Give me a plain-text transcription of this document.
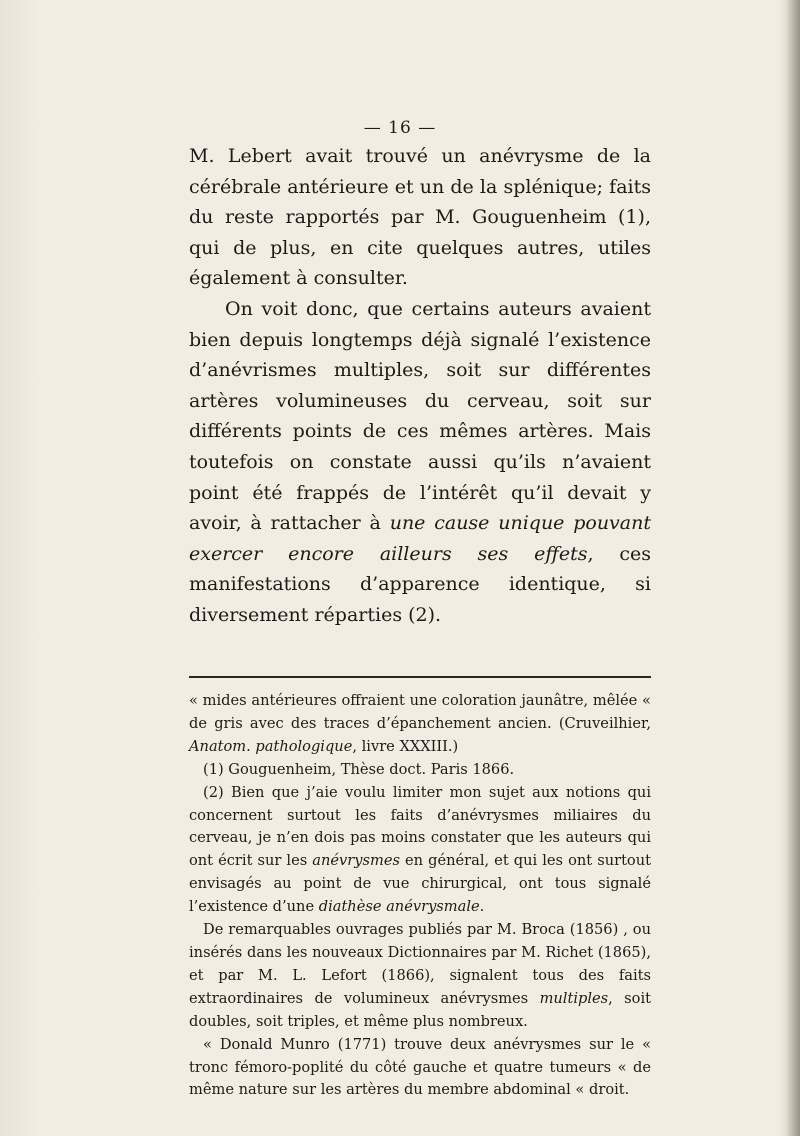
— 16 —

M. Lebert avait trouvé un anévrysme de la cérébrale antérieure et un de la splénique; faits du reste rapportés par M. Gouguenheim (1), qui de plus, en cite quelques autres, utiles également à consulter.

On voit donc, que certains auteurs avaient bien depuis longtemps déjà signalé l’existence d’anévrismes multiples, soit sur différentes artères volumineuses du cerveau, soit sur différents points de ces mêmes artères. Mais toutefois on constate aussi qu’ils n’avaient point été frappés de l’intérêt qu’il devait y avoir, à rattacher à une cause unique pouvant exercer encore ailleurs ses effets, ces manifestations d’apparence identique, si diversement réparties (2).

« mides antérieures offraient une coloration jaunâtre, mêlée « de gris avec des traces d’épanchement ancien. (Cruveilhier, Anatom. pathologique, livre XXXIII.)

(1) Gouguenheim, Thèse doct. Paris 1866.

(2) Bien que j’aie voulu limiter mon sujet aux notions qui concernent surtout les faits d’anévrysmes miliaires du cerveau, je n’en dois pas moins constater que les auteurs qui ont écrit sur les anévrysmes en général, et qui les ont surtout envisagés au point de vue chirurgical, ont tous signalé l’existence d’une diathèse anévrysmale.

De remarquables ouvrages publiés par M. Broca (1856) , ou insérés dans les nouveaux Dictionnaires par M. Richet (1865), et par M. L. Lefort (1866), signalent tous des faits extraordinaires de volumineux anévrysmes multiples, soit doubles, soit triples, et même plus nombreux.

« Donald Munro (1771) trouve deux anévrysmes sur le « tronc fémoro-poplité du côté gauche et quatre tumeurs « de même nature sur les artères du membre abdominal « droit.
